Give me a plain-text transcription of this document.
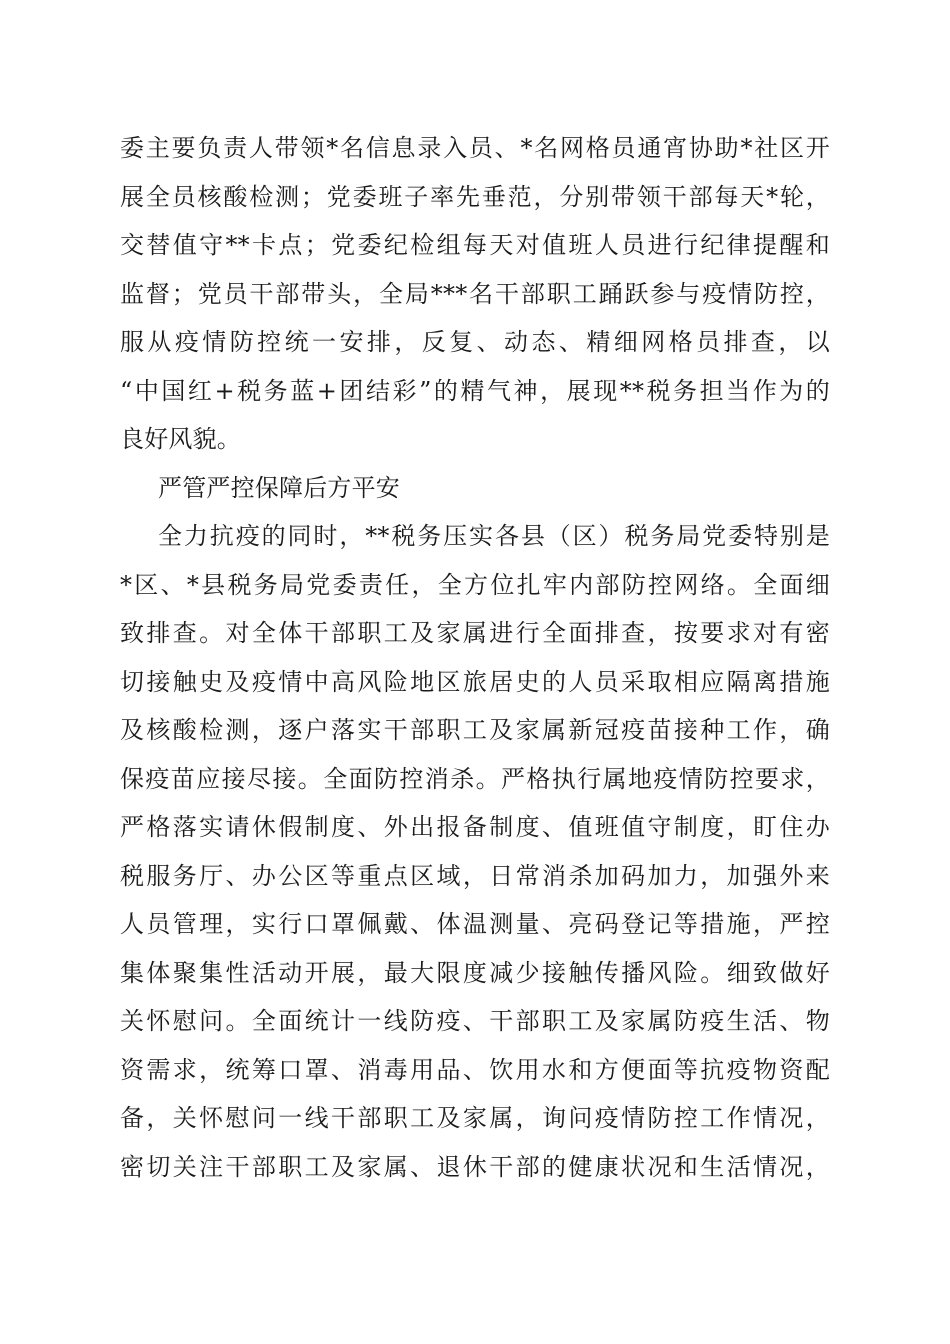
委主要负责人带领*名信息录入员、*名网格员通宵协助*社区开
展全员核酸检测；党委班子率先垂范，分别带领干部每天*轮，
交替值守**卡点；党委纪检组每天对值班人员进行纪律提醒和
监督；党员干部带头，全局***名干部职工踊跃参与疫情防控，
服从疫情防控统一安排，反复、动态、精细网格员排查，以
“中国红+税务蓝+团结彩”的精气神，展现**税务担当作为的
良好风貌。
严管严控保障后方平安
全力抗疫的同时，**税务压实各县（区）税务局党委特别是
*区、*县税务局党委责任，全方位扎牢内部防控网络。全面细
致排查。对全体干部职工及家属进行全面排查，按要求对有密
切接触史及疫情中高风险地区旅居史的人员采取相应隔离措施
及核酸检测，逐户落实干部职工及家属新冠疫苗接种工作，确
保疫苗应接尽接。全面防控消杀。严格执行属地疫情防控要求，
严格落实请休假制度、外出报备制度、值班值守制度，盯住办
税服务厅、办公区等重点区域，日常消杀加码加力，加强外来
人员管理，实行口罩佩戴、体温测量、亮码登记等措施，严控
集体聚集性活动开展，最大限度减少接触传播风险。细致做好
关怀慰问。全面统计一线防疫、干部职工及家属防疫生活、物
资需求，统筹口罩、消毒用品、饮用水和方便面等抗疫物资配
备，关怀慰问一线干部职工及家属，询问疫情防控工作情况，
密切关注干部职工及家属、退休干部的健康状况和生活情况，
